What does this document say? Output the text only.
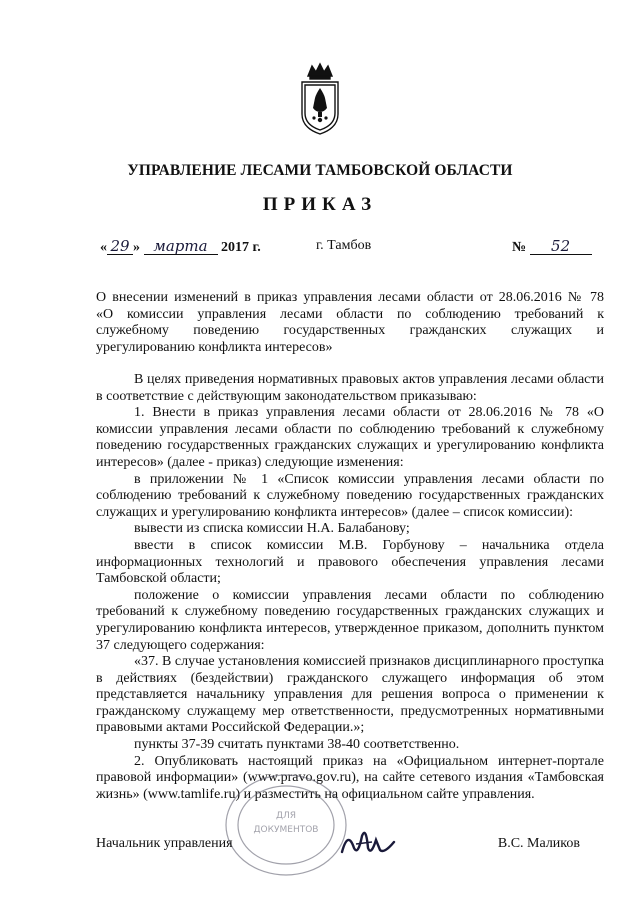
УПРАВЛЕНИЕ ЛЕСАМИ ТАМБОВСКОЙ ОБЛАСТИ
ПРИКАЗ
« 29 » марта 2017 г.	г. Тамбов	№ 52
О внесении изменений в приказ управления лесами области от 28.06.2016 № 78
«О комиссии управления лесами области по соблюдению требований к
служебному поведению государственных гражданских служащих и
урегулированию конфликта интересов»

В целях приведения нормативных правовых актов управления лесами области в соответствие с действующим законодательством приказываю:

1. Внести в приказ управления лесами области от 28.06.2016 № 78 «О комиссии управления лесами области по соблюдению требований к служебному поведению государственных гражданских служащих и урегулированию конфликта интересов» (далее - приказ) следующие изменения:

в приложении № 1 «Список комиссии управления лесами области по соблюдению требований к служебному поведению государственных гражданских служащих и урегулированию конфликта интересов» (далее – список комиссии):

вывести из списка комиссии Н.А. Балабанову;

ввести в список комиссии М.В. Горбунову – начальника отдела информационных технологий и правового обеспечения управления лесами Тамбовской области;

положение о комиссии управления лесами области по соблюдению требований к служебному поведению государственных гражданских служащих и урегулированию конфликта интересов, утвержденное приказом, дополнить пунктом 37 следующего содержания:

«37. В случае установления комиссией признаков дисциплинарного проступка в действиях (бездействии) гражданского служащего информация об этом представляется начальнику управления для решения вопроса о применении к гражданскому служащему мер ответственности, предусмотренных нормативными правовыми актами Российской Федерации.»;

пункты 37-39 считать пунктами 38-40 соответственно.

2. Опубликовать настоящий приказ на «Официальном интернет-портале правовой информации» (www.pravo.gov.ru), на сайте сетевого издания «Тамбовская жизнь» (www.tamlife.ru) и разместить на официальном сайте управления.

ДЛЯ
ДОКУМЕНТОВ
Начальник управления	В.С. Маликов
